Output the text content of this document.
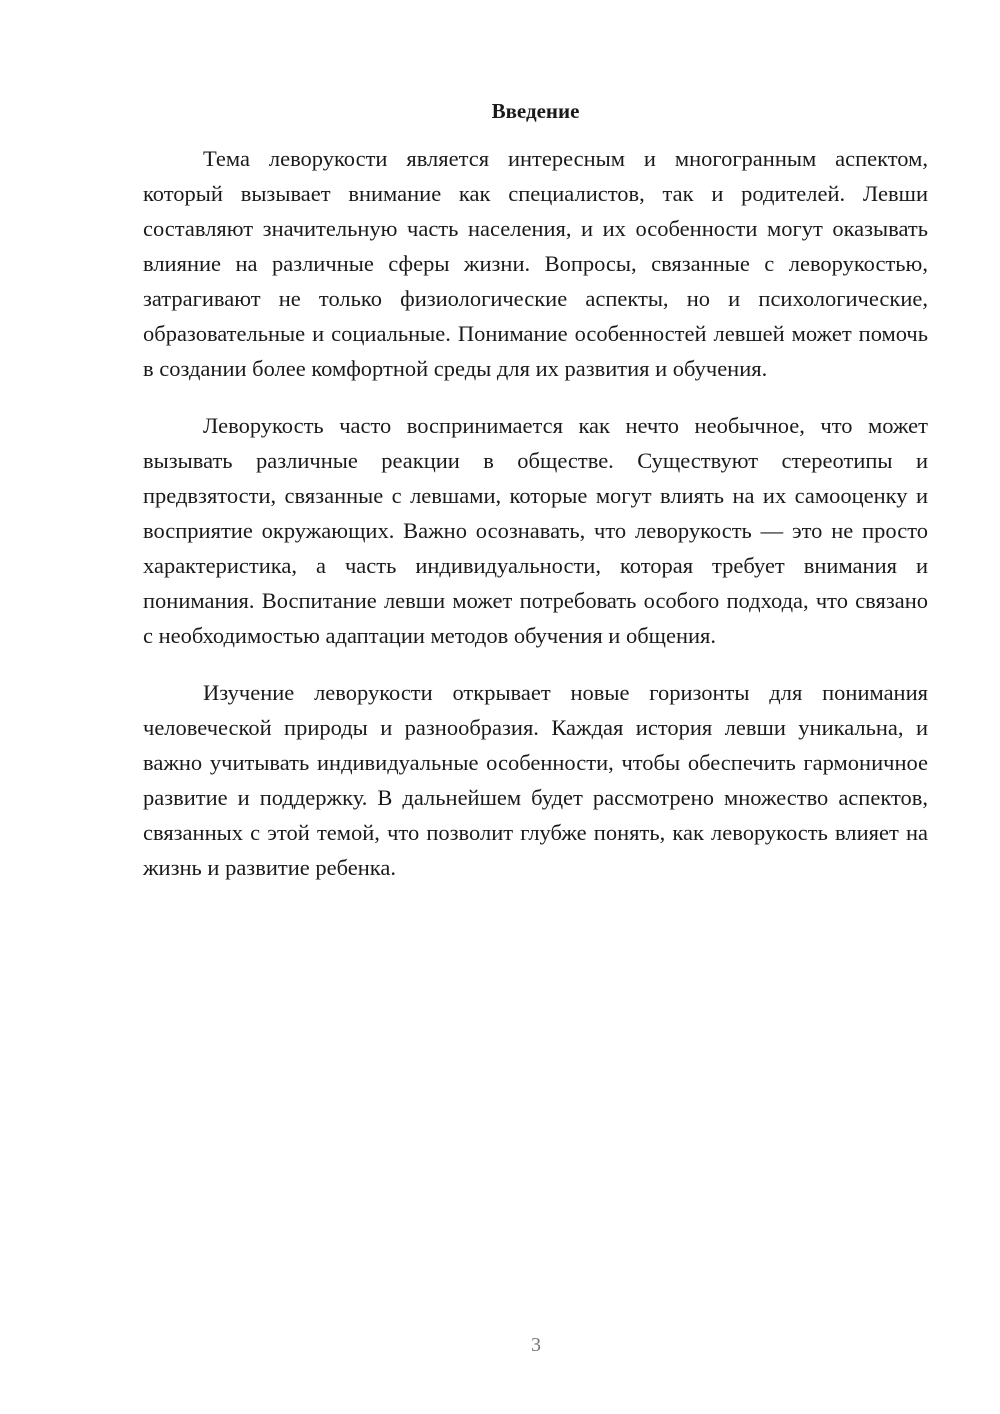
Введение

Тема леворукости является интересным и многогранным аспектом, который вызывает внимание как специалистов, так и родителей. Левши составляют значительную часть населения, и их особенности могут оказывать влияние на различные сферы жизни. Вопросы, связанные с леворукостью, затрагивают не только физиологические аспекты, но и психологические, образовательные и социальные. Понимание особенностей левшей может помочь в создании более комфортной среды для их развития и обучения.

Леворукость часто воспринимается как нечто необычное, что может вызывать различные реакции в обществе. Существуют стереотипы и предвзятости, связанные с левшами, которые могут влиять на их самооценку и восприятие окружающих. Важно осознавать, что леворукость — это не просто характеристика, а часть индивидуальности, которая требует внимания и понимания. Воспитание левши может потребовать особого подхода, что связано с необходимостью адаптации методов обучения и общения.

Изучение леворукости открывает новые горизонты для понимания человеческой природы и разнообразия. Каждая история левши уникальна, и важно учитывать индивидуальные особенности, чтобы обеспечить гармоничное развитие и поддержку. В дальнейшем будет рассмотрено множество аспектов, связанных с этой темой, что позволит глубже понять, как леворукость влияет на жизнь и развитие ребенка.

3
